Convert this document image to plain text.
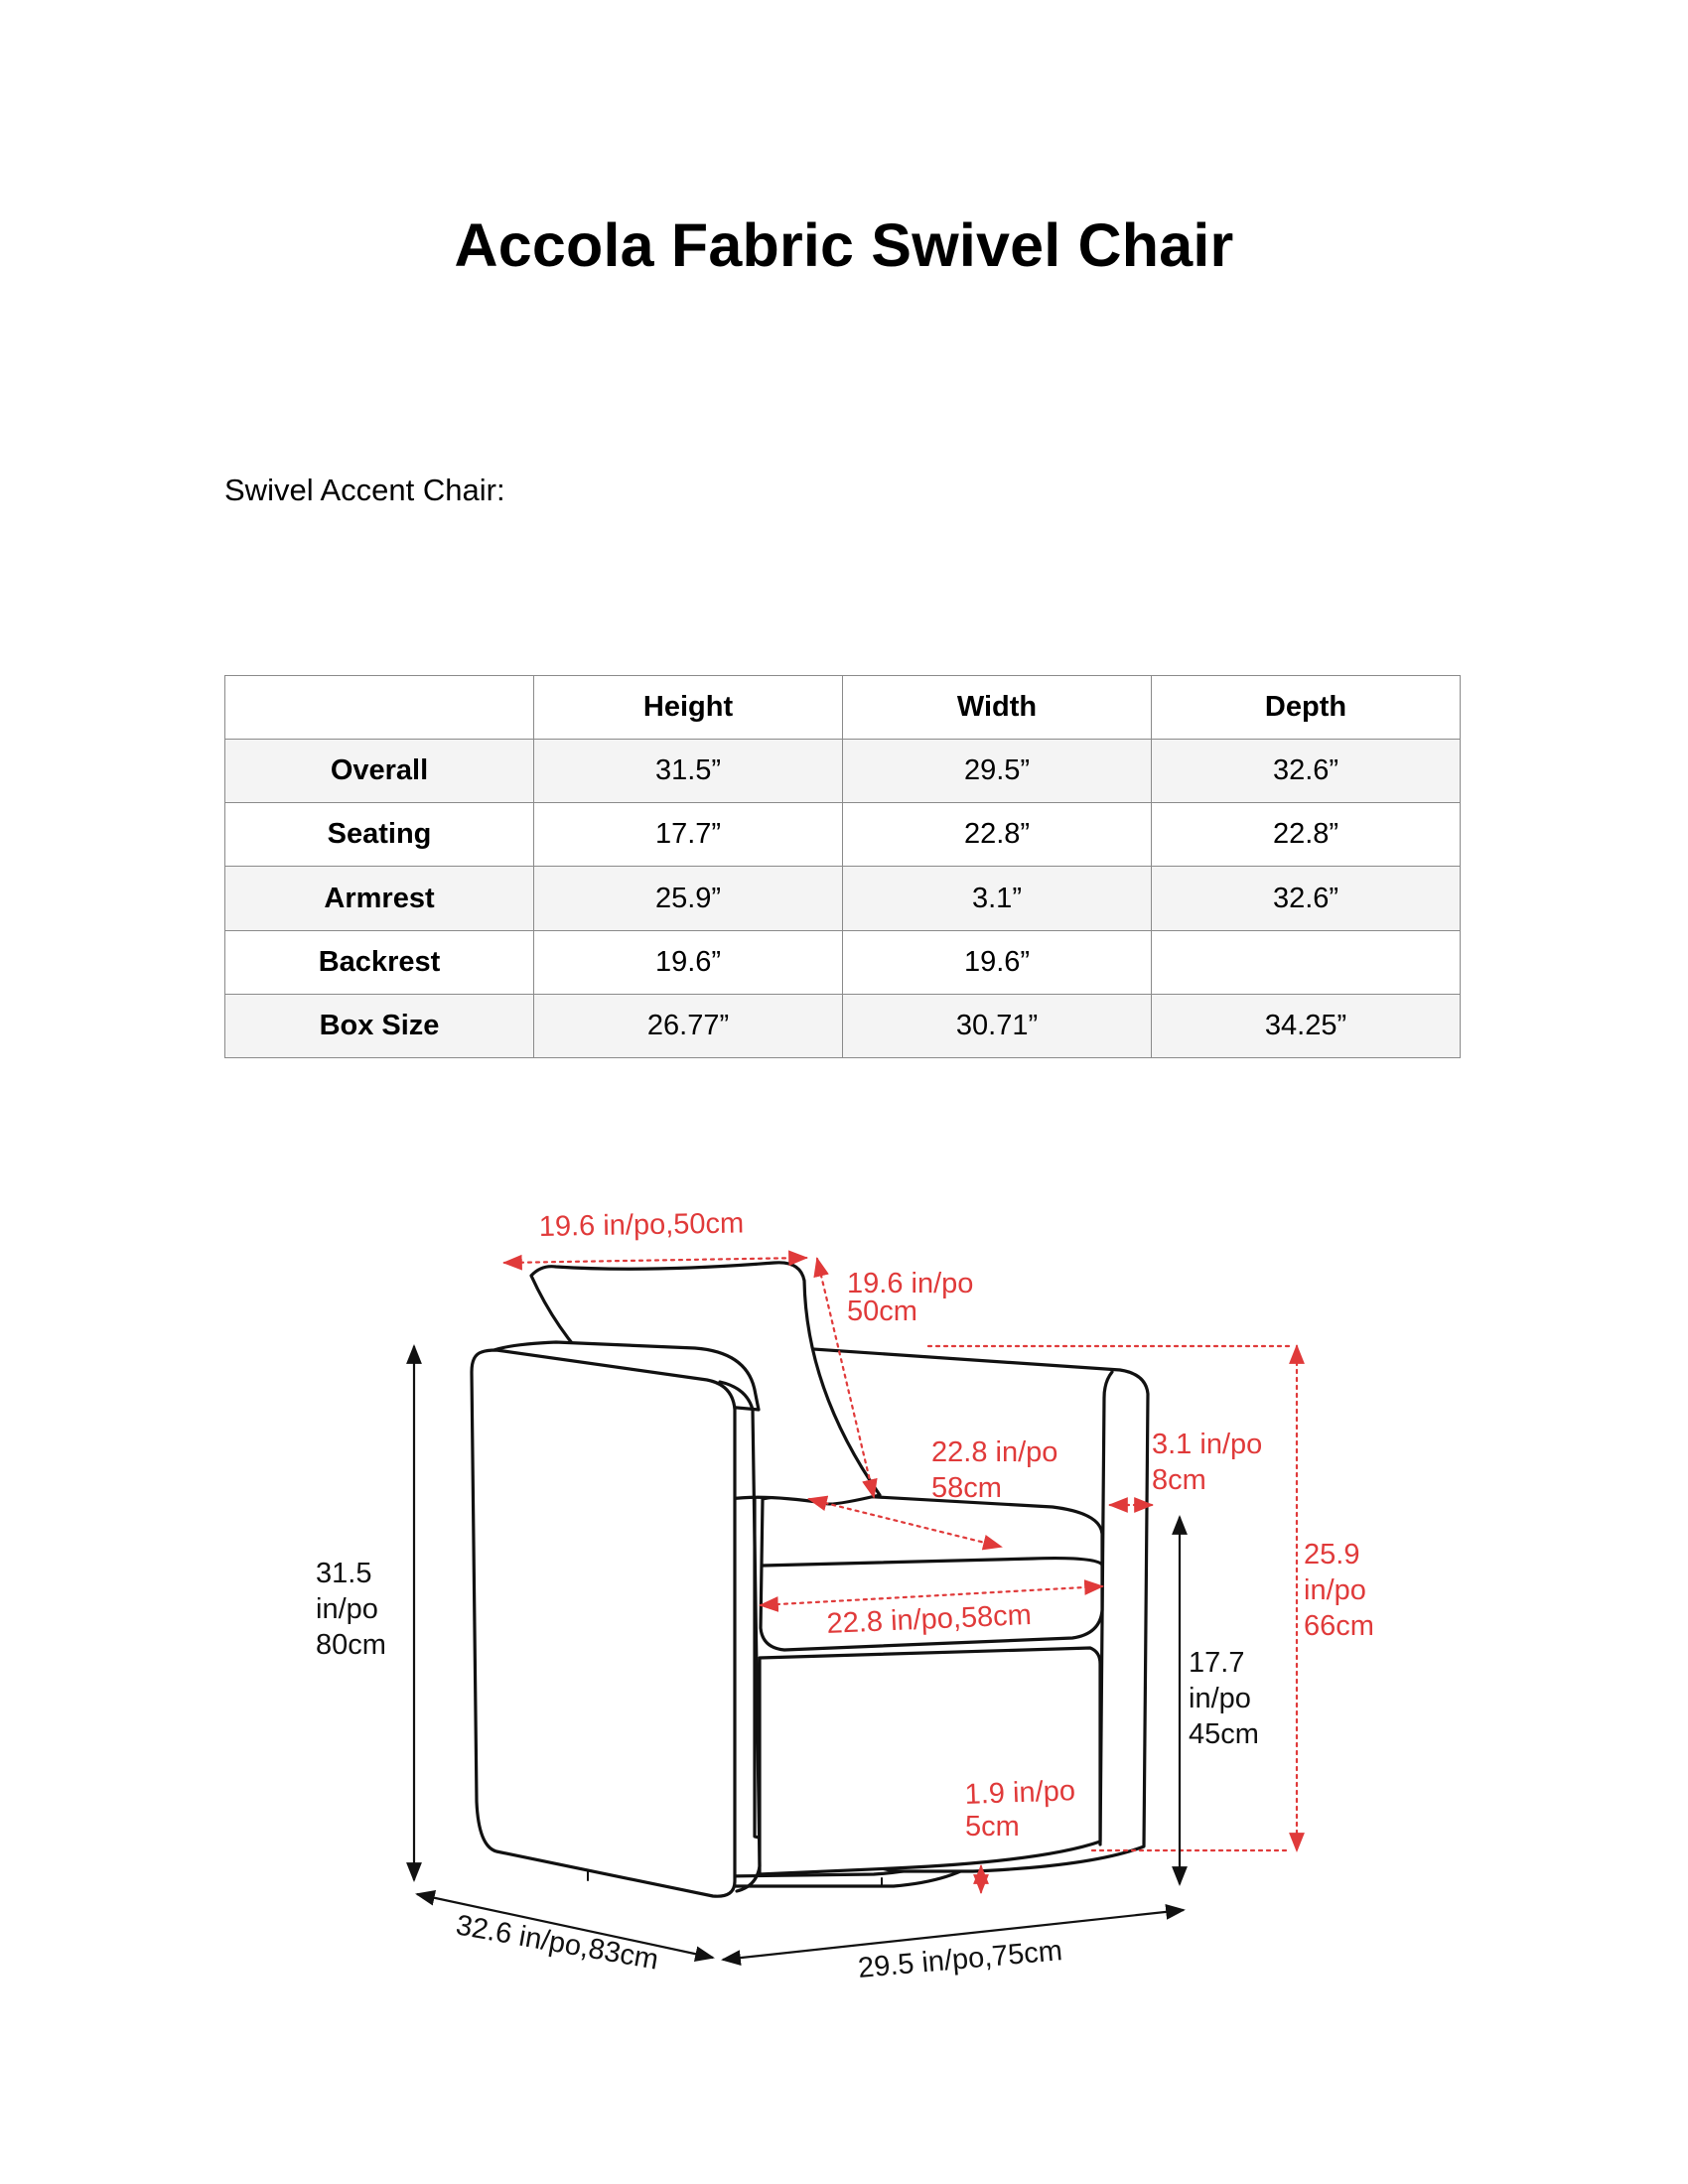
Accola Fabric Swivel Chair
Swivel Accent Chair:
	Height	Width	Depth
Overall	31.5”	29.5”	32.6”
Seating	17.7”	22.8”	22.8”
Armrest	25.9”	3.1”	32.6”
Backrest	19.6”	19.6”	
Box Size	26.77”	30.71”	34.25”
19.6 in/po,50cm
19.6 in/po
50cm
22.8 in/po
58cm
22.8 in/po,58cm
3.1 in/po
8cm
25.9
in/po
66cm
1.9 in/po
5cm
31.5
in/po
80cm
17.7
in/po
45cm
32.6 in/po,83cm	29.5 in/po,75cm
